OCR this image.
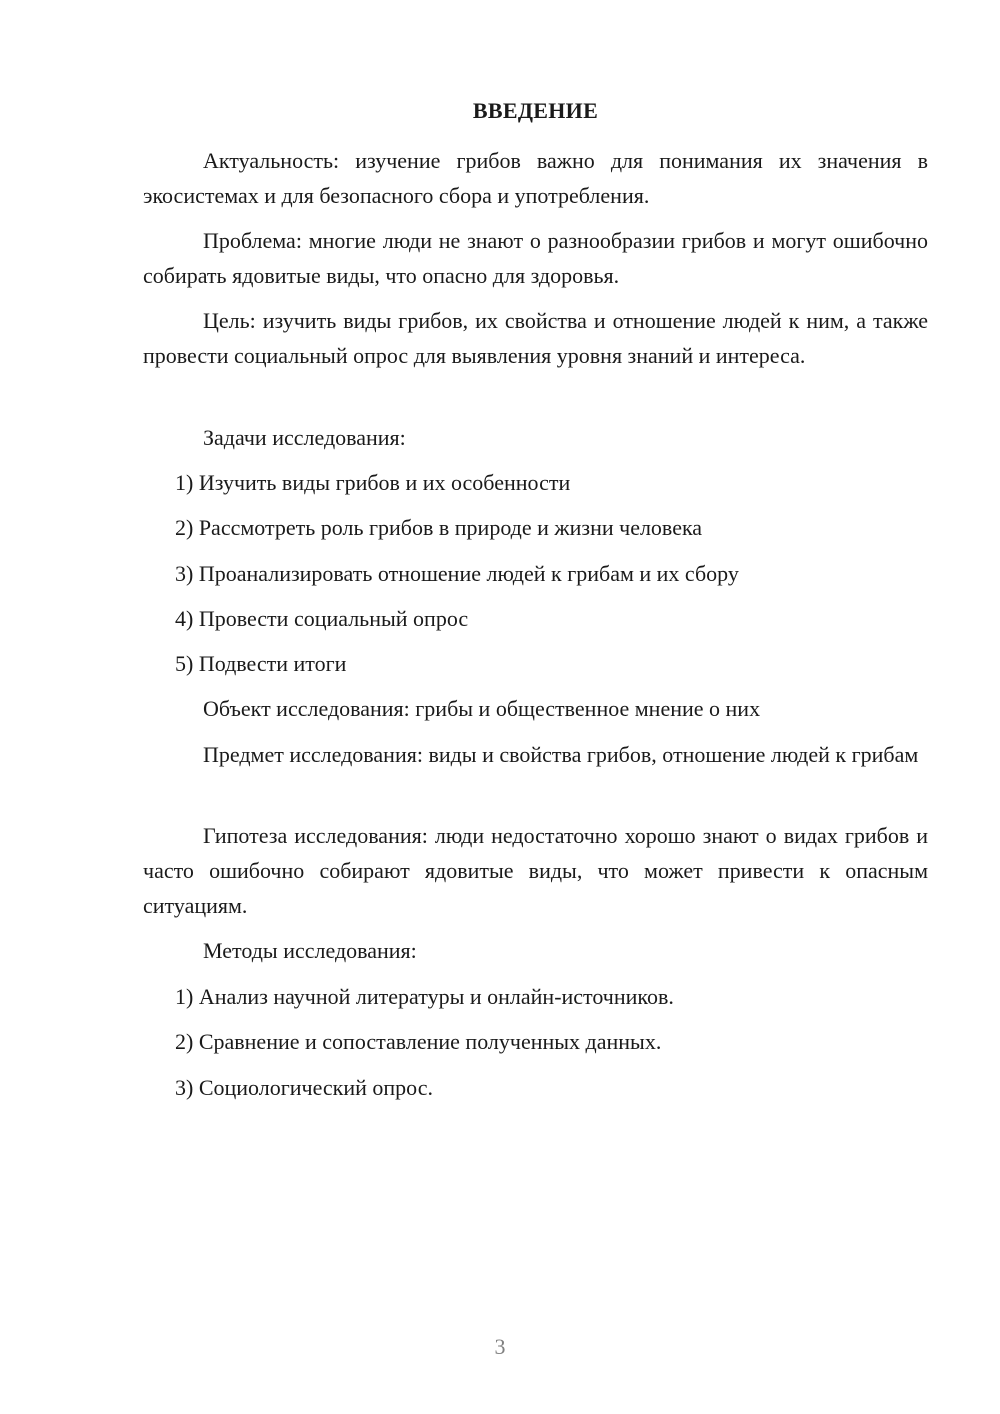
ВВЕДЕНИЕ

Актуальность: изучение грибов важно для понимания их значения в экосистемах и для безопасного сбора и употребления.

Проблема: многие люди не знают о разнообразии грибов и могут ошибочно собирать ядовитые виды, что опасно для здоровья.

Цель: изучить виды грибов, их свойства и отношение людей к ним, а также провести социальный опрос для выявления уровня знаний и интереса.

Задачи исследования:

1) Изучить виды грибов и их особенности
2) Рассмотреть роль грибов в природе и жизни человека
3) Проанализировать отношение людей к грибам и их сбору
4) Провести социальный опрос
5) Подвести итоги

Объект исследования: грибы и общественное мнение о них

Предмет исследования: виды и свойства грибов, отношение людей к грибам

Гипотеза исследования: люди недостаточно хорошо знают о видах грибов и часто ошибочно собирают ядовитые виды, что может привести к опасным ситуациям.

Методы исследования:

1) Анализ научной литературы и онлайн-источников.
2) Сравнение и сопоставление полученных данных.
3) Социологический опрос.
3
